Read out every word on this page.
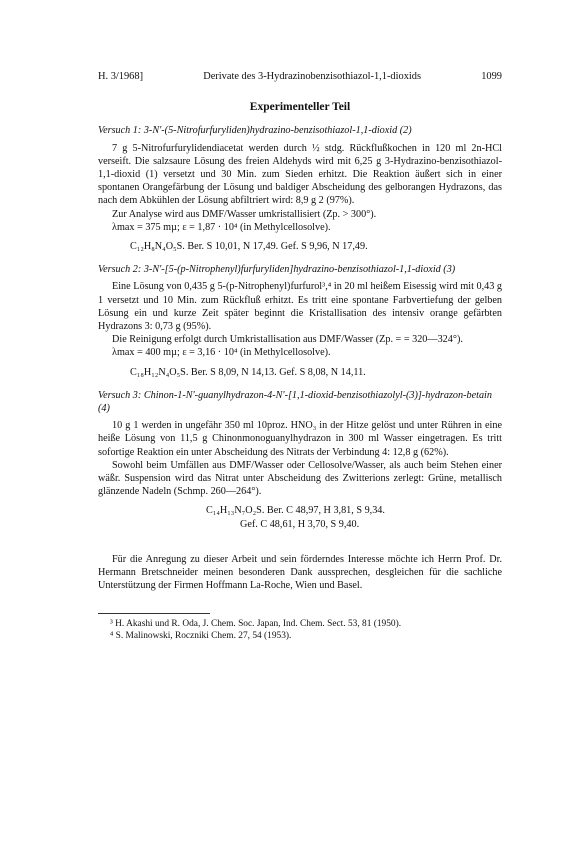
H. 3/1968]	Derivate des 3-Hydrazinobenzisothiazol-1,1-dioxids	1099
Experimenteller Teil
Versuch 1: 3-N'-(5-Nitrofurfuryliden)hydrazino-benzisothiazol-1,1-dioxid (2)

7 g 5-Nitrofurfurylidendiacetat werden durch ½ stdg. Rückflußkochen in 120 ml 2n-HCl verseift. Die salzsaure Lösung des freien Aldehyds wird mit 6,25 g 3-Hydrazino-benzisothiazol-1,1-dioxid (1) versetzt und 30 Min. zum Sieden erhitzt. Die Reaktion äußert sich in einer spontanen Orangefärbung der Lösung und baldiger Abscheidung des gelborangen Hydrazons, das nach dem Abkühlen der Lösung abfiltriert wird: 8,9 g 2 (97%).

Zur Analyse wird aus DMF/Wasser umkristallisiert (Zp. > 300°).

λmax = 375 mµ; ε = 1,87 · 10⁴ (in Methylcellosolve).

C₁₂H₈N₄O₅S. Ber. S 10,01, N 17,49. Gef. S 9,96, N 17,49.
Versuch 2: 3-N'-[5-(p-Nitrophenyl)furfuryliden]hydrazino-benzisothiazol-1,1-dioxid (3)

Eine Lösung von 0,435 g 5-(p-Nitrophenyl)furfurol³,⁴ in 20 ml heißem Eisessig wird mit 0,43 g 1 versetzt und 10 Min. zum Rückfluß erhitzt. Es tritt eine spontane Farbvertiefung der gelben Lösung ein und kurze Zeit später beginnt die Kristallisation des intensiv orange gefärbten Hydrazons 3: 0,73 g (95%).

Die Reinigung erfolgt durch Umkristallisation aus DMF/Wasser (Zp. = = 320—324°).

λmax = 400 mµ; ε = 3,16 · 10⁴ (in Methylcellosolve).

C₁₈H₁₂N₄O₅S. Ber. S 8,09, N 14,13. Gef. S 8,08, N 14,11.
Versuch 3: Chinon-1-N'-guanylhydrazon-4-N'-[1,1-dioxid-benzisothiazolyl-(3)]-hydrazon-betain (4)

10 g 1 werden in ungefähr 350 ml 10proz. HNO₃ in der Hitze gelöst und unter Rühren in eine heiße Lösung von 11,5 g Chinonmonoguanylhydrazon in 300 ml Wasser eingetragen. Es tritt sofortige Reaktion ein unter Abscheidung des Nitrats der Verbindung 4: 12,8 g (62%).

Sowohl beim Umfällen aus DMF/Wasser oder Cellosolve/Wasser, als auch beim Stehen einer wäßr. Suspension wird das Nitrat unter Abscheidung des Zwitterions zerlegt: Grüne, metallisch glänzende Nadeln (Schmp. 260—264°).

C₁₄H₁₃N₇O₂S. Ber. C 48,97, H 3,81, S 9,34.
Gef. C 48,61, H 3,70, S 9,40.

Für die Anregung zu dieser Arbeit und sein förderndes Interesse möchte ich Herrn Prof. Dr. Hermann Bretschneider meinen besonderen Dank aussprechen, desgleichen für die sachliche Unterstützung der Firmen Hoffmann La-Roche, Wien und Basel.

³ H. Akashi und R. Oda, J. Chem. Soc. Japan, Ind. Chem. Sect. 53, 81 (1950).

⁴ S. Malinowski, Roczniki Chem. 27, 54 (1953).
